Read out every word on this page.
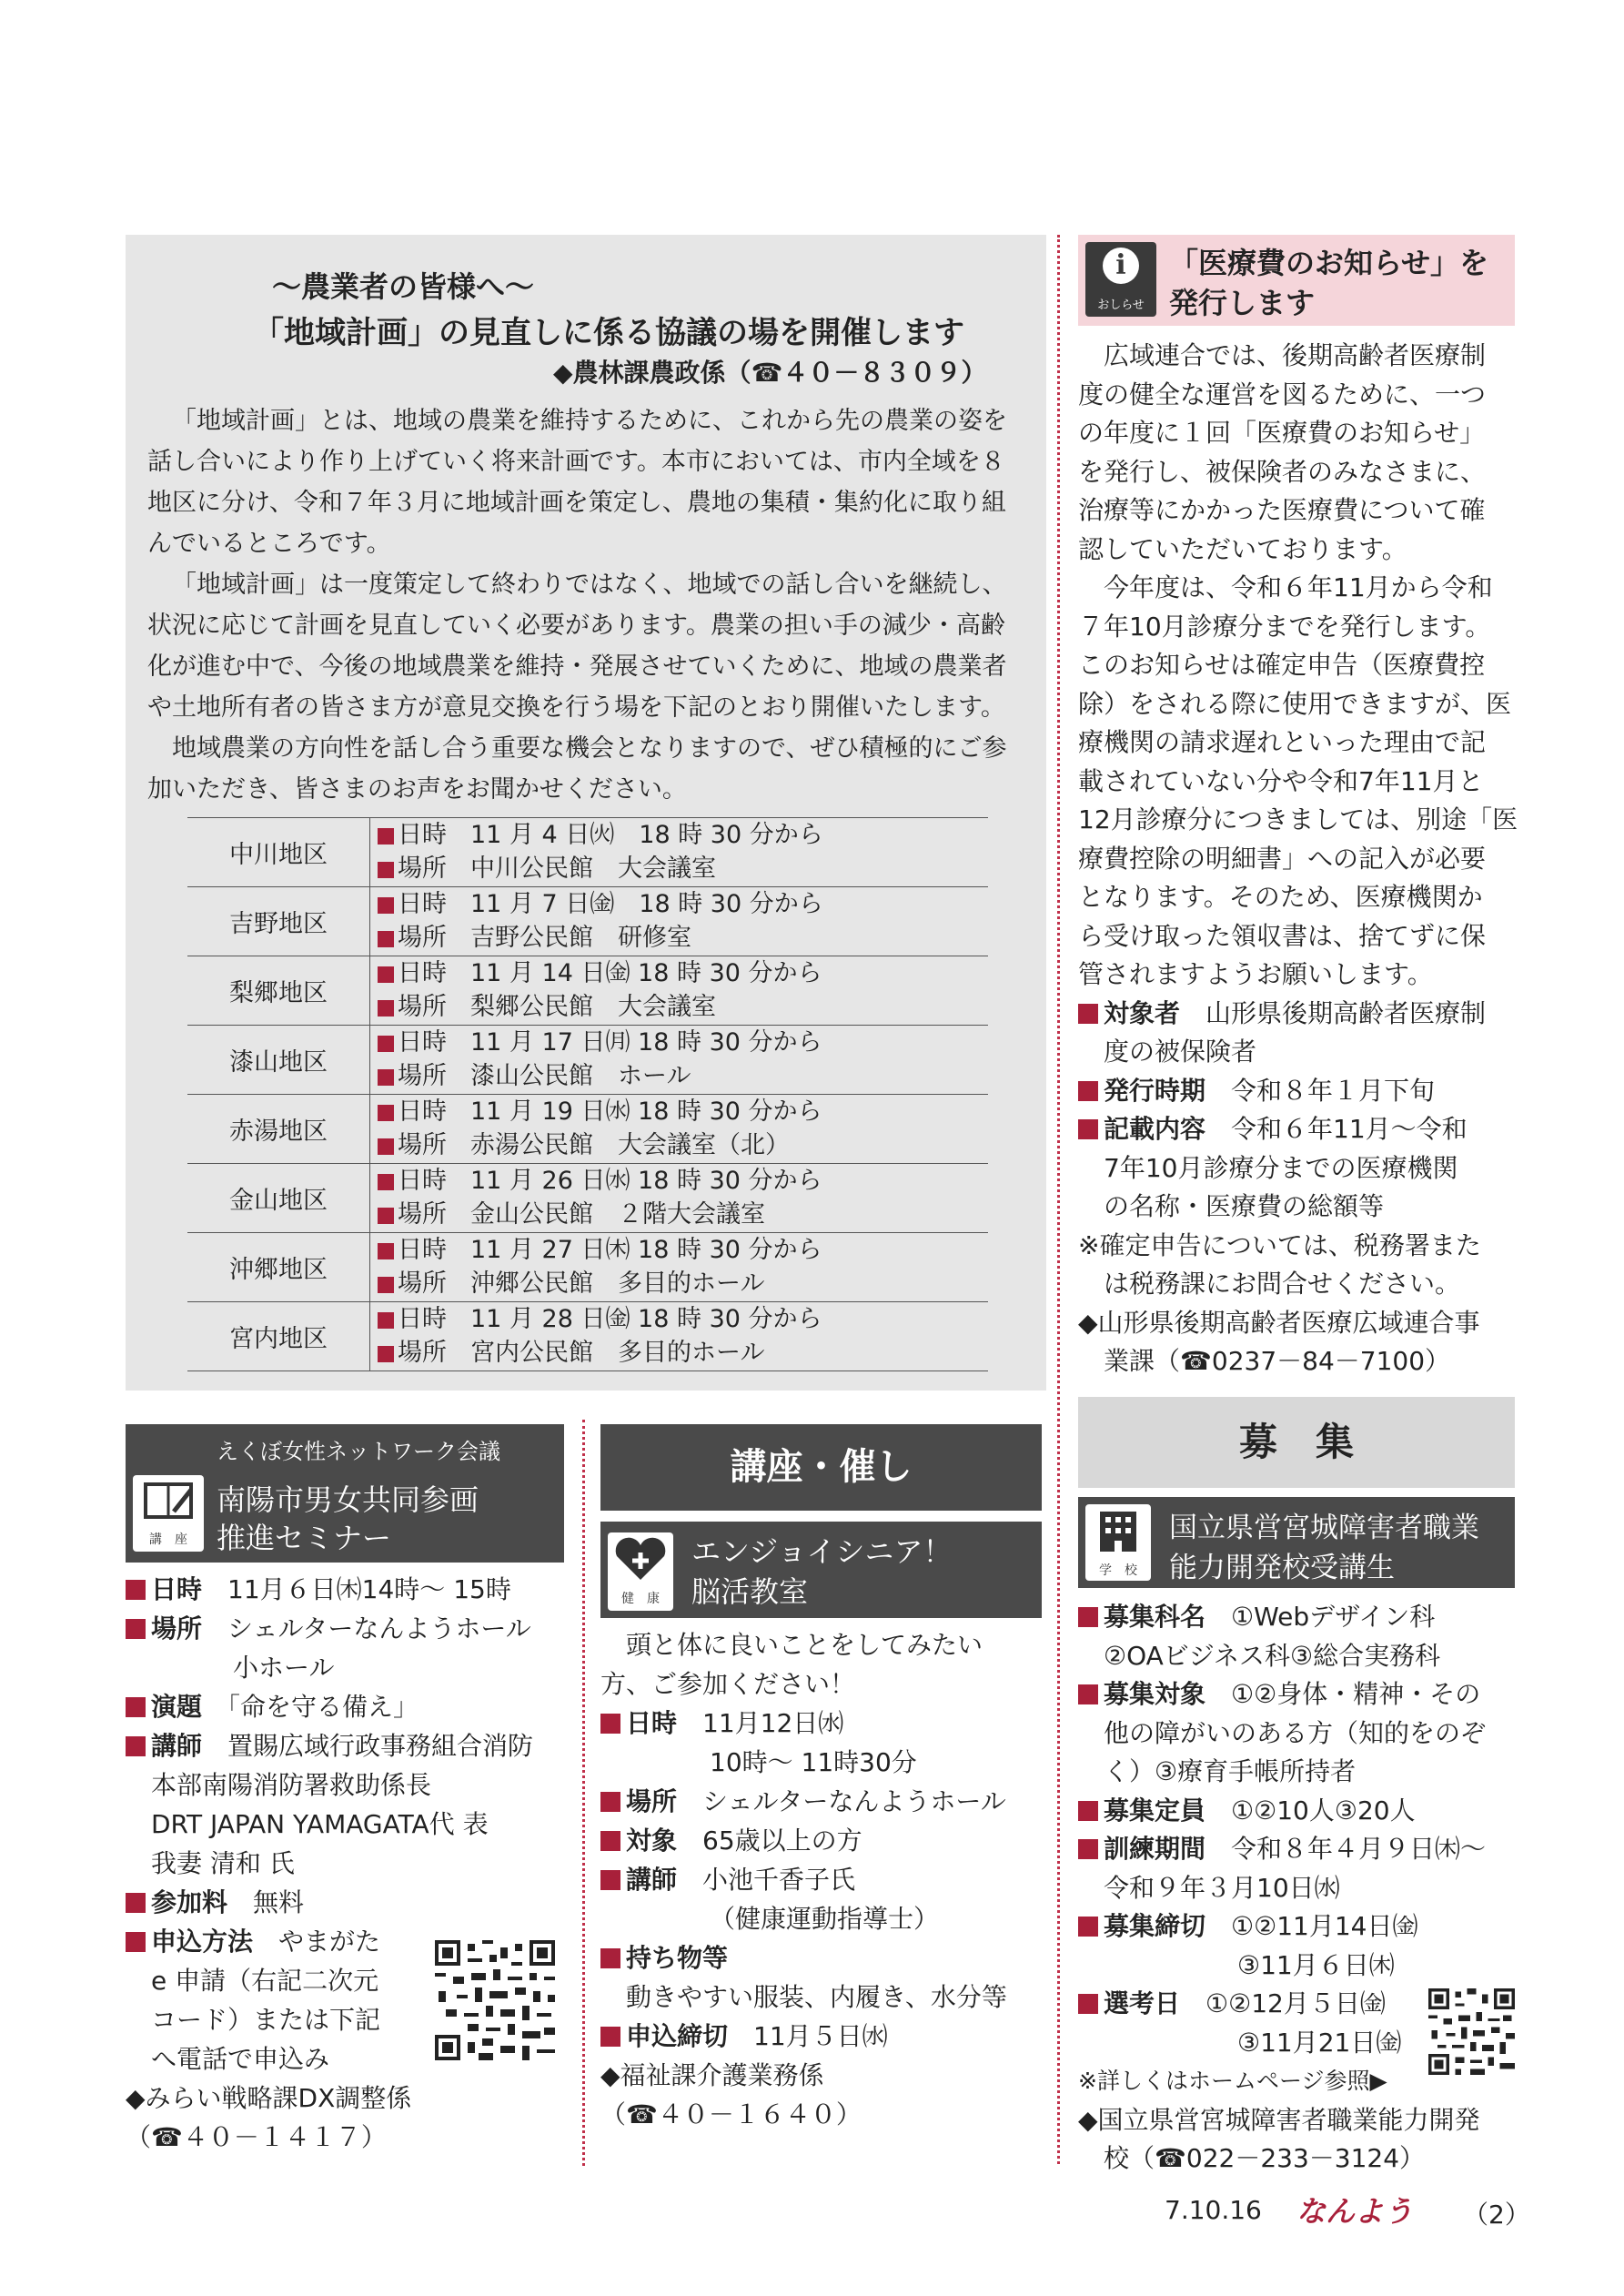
～農業者の皆様へ～
「地域計画」の見直しに係る協議の場を開催します
◆農林課農政係（☎４０－８３０９）

「地域計画」とは、地域の農業を維持するために、これから先の農業の姿を話し合いにより作り上げていく将来計画です。本市においては、市内全域を８地区に分け、令和７年３月に地域計画を策定し、農地の集積・集約化に取り組んでいるところです。

「地域計画」は一度策定して終わりではなく、地域での話し合いを継続し、状況に応じて計画を見直していく必要があります。農業の担い手の減少・高齢化が進む中で、今後の地域農業を維持・発展させていくために、地域の農業者や土地所有者の皆さま方が意見交換を行う場を下記のとおり開催いたします。

地域農業の方向性を話し合う重要な機会となりますので、ぜひ積極的にご参加いただき、皆さまのお声をお聞かせください。

中川地区
日時 11 月 4 日㈫　18 時 30 分から
場所 中川公民館　大会議室
吉野地区
日時 11 月 7 日㈮　18 時 30 分から
場所 吉野公民館　研修室
梨郷地区
日時 11 月 14 日㈮ 18 時 30 分から
場所 梨郷公民館　大会議室
漆山地区
日時 11 月 17 日㈪ 18 時 30 分から
場所 漆山公民館　ホール
赤湯地区
日時 11 月 19 日㈬ 18 時 30 分から
場所 赤湯公民館　大会議室（北）
金山地区
日時 11 月 26 日㈬ 18 時 30 分から
場所 金山公民館　２階大会議室
沖郷地区
日時 11 月 27 日㈭ 18 時 30 分から
場所 沖郷公民館　多目的ホール
宮内地区
日時 11 月 28 日㈮ 18 時 30 分から
場所 宮内公民館　多目的ホール
i
おしらせ
「医療費のお知らせ」を
発行します
　広域連合では、後期高齢者医療制
度の健全な運営を図るために、一つ
の年度に１回「医療費のお知らせ」
を発行し、被保険者のみなさまに、
治療等にかかった医療費について確
認していただいております。
　今年度は、令和６年11月から令和
７年10月診療分までを発行します。
このお知らせは確定申告（医療費控
除）をされる際に使用できますが、医
療機関の請求遅れといった理由で記
載されていない分や令和7年11月と
12月診療分につきましては、別途「医
療費控除の明細書」への記入が必要
となります。そのため、医療機関か
ら受け取った領収書は、捨てずに保
管されますようお願いします。
対象者　 山形県後期高齢者医療制
度の被保険者
発行時期　 令和８年１月下旬
記載内容　 令和６年11月～令和
7年10月診療分までの医療機関
の名称・医療費の総額等
※確定申告については、税務署また
　は税務課にお問合せください。
◆山形県後期高齢者医療広域連合事
　業課（☎0237－84－7100）
講　座
えくぼ女性ネットワーク会議
南陽市男女共同参画
推進セミナー
日時　 11月６日㈭14時～ 15時
場所　 シェルターなんようホール
小ホール
演題　 「命を守る備え」
講師　 置賜広域行政事務組合消防
本部南陽消防署救助係長
DRT JAPAN YAMAGATA代 表
我妻 清和 氏
参加料　 無料
申込方法　 やまがた
e 申請（右記二次元
コード）または下記
へ電話で申込み
◆みらい戦略課DX調整係
（☎４０－１４１７）
講座・催し
健　康
エンジョイシニア！
脳活教室
　頭と体に良いことをしてみたい
方、ご参加ください！
日時　 11月12日㈬
10時～ 11時30分
場所　 シェルターなんようホール
対象　 65歳以上の方
講師　 小池千香子氏
（健康運動指導士）
持ち物等
動きやすい服装、内履き、水分等
申込締切　 11月５日㈬
◆福祉課介護業務係
（☎４０－１６４０）
募　集
学　校
国立県営宮城障害者職業
能力開発校受講生
募集科名　 ①Webデザイン科
②OAビジネス科③総合実務科
募集対象　 ①②身体・精神・その
他の障がいのある方（知的をのぞ
く）③療育手帳所持者
募集定員　 ①②10人③20人
訓練期間　 令和８年４月９日㈭～
令和９年３月10日㈬
募集締切　 ①②11月14日㈮
③11月６日㈭
選考日　 ①②12月５日㈮
③11月21日㈮
※詳しくはホームページ参照▶
◆国立県営宮城障害者職業能力開発
　校（☎022－233－3124）
7.10.16 なんよう （2）
